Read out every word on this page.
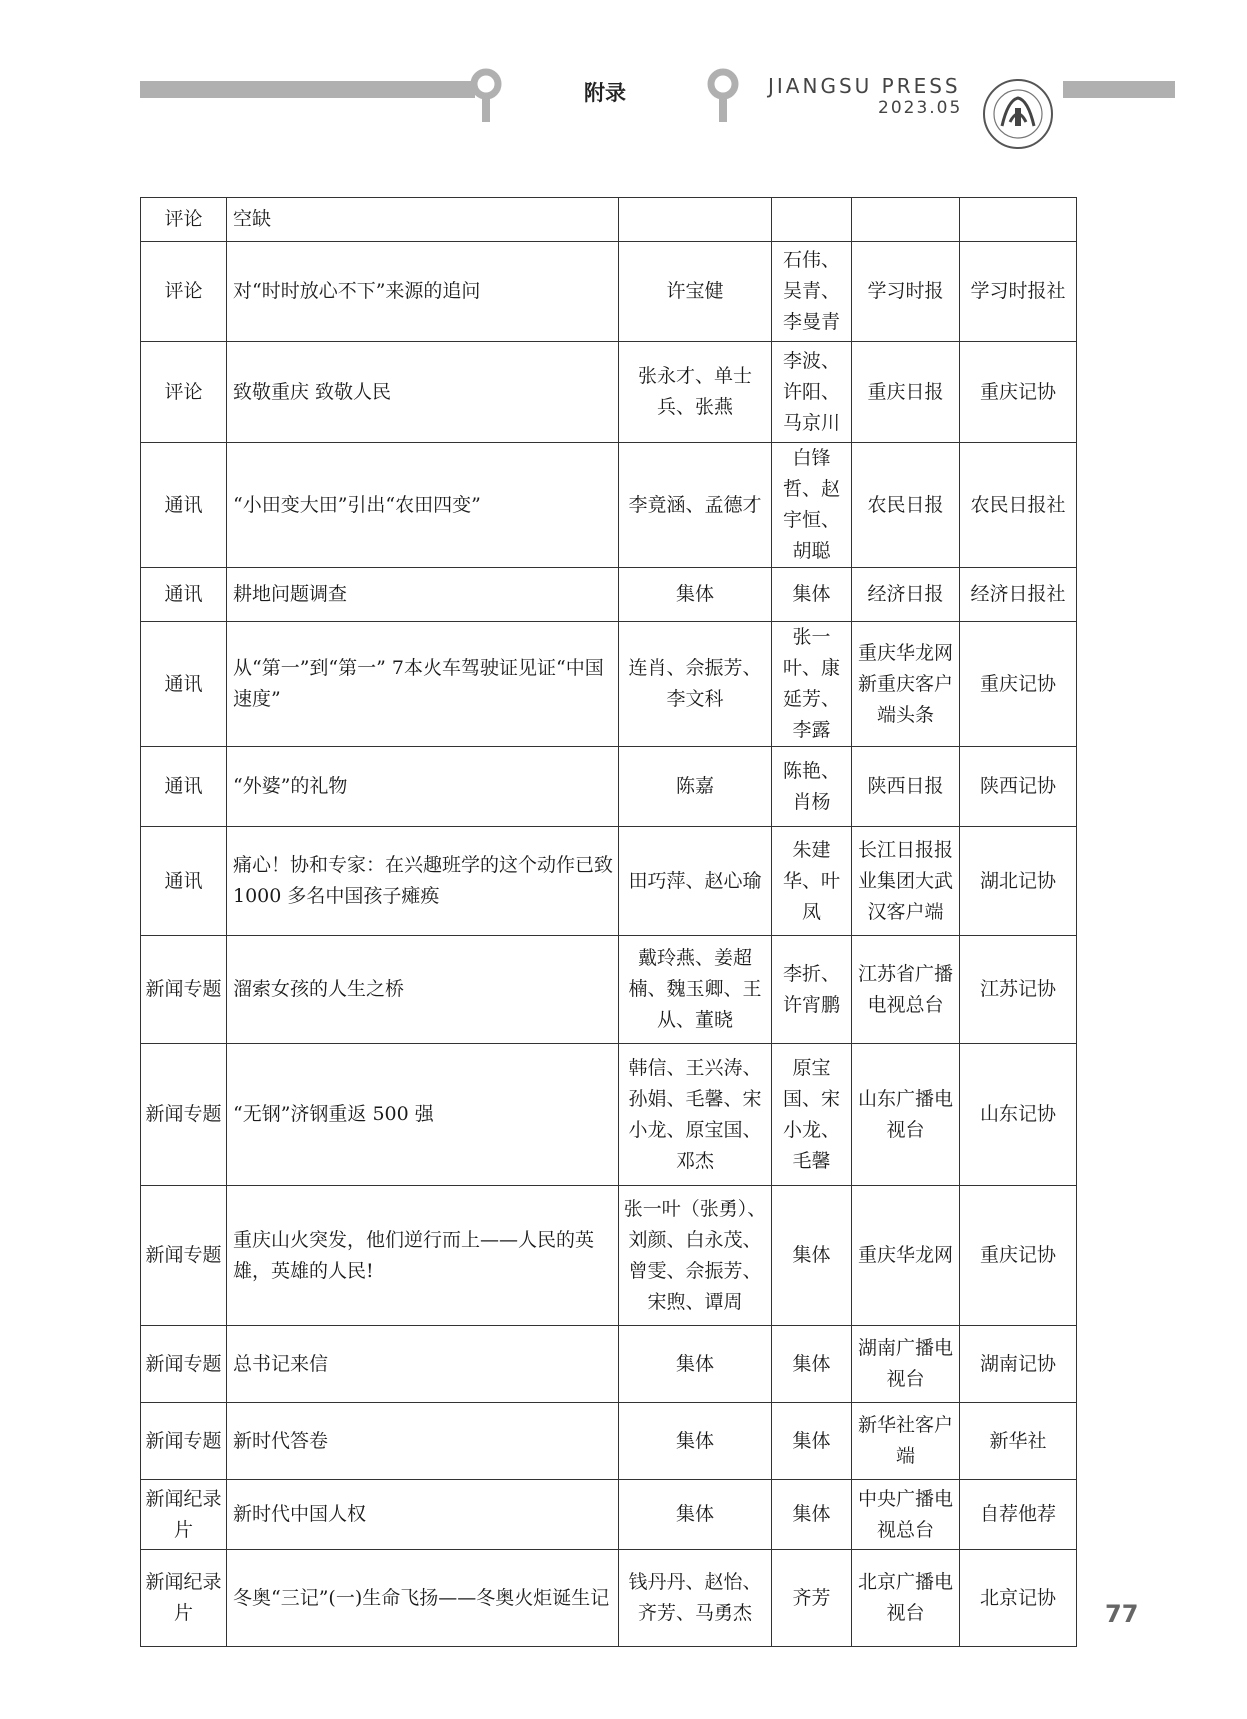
附录	JIANGSU PRESS
2023.05
评论	空缺				
评论	对“时时放心不下”来源的追问	许宝健	石伟、吴青、李曼青	学习时报	学习时报社
评论	致敬重庆 致敬人民	张永才、单士兵、张燕	李波、许阳、马京川	重庆日报	重庆记协
通讯	“小田变大田”引出“农田四变”	李竟涵、孟德才	白锋哲、赵宇恒、胡聪	农民日报	农民日报社
通讯	耕地问题调查	集体	集体	经济日报	经济日报社
通讯	从“第一”到“第一” 7本火车驾驶证见证“中国速度”	连肖、佘振芳、李文科	张一叶、康延芳、李露	重庆华龙网新重庆客户端头条	重庆记协
通讯	“外婆”的礼物	陈嘉	陈艳、肖杨	陕西日报	陕西记协
通讯	痛心！协和专家：在兴趣班学的这个动作已致 1000 多名中国孩子瘫痪	田巧萍、赵心瑜	朱建华、叶凤	长江日报报业集团大武汉客户端	湖北记协
新闻专题	溜索女孩的人生之桥	戴玲燕、姜超楠、魏玉卿、王从、董晓	李折、许宵鹏	江苏省广播电视总台	江苏记协
新闻专题	“无钢”济钢重返 500 强	韩信、王兴涛、孙娟、毛馨、宋小龙、原宝国、邓杰	原宝国、宋小龙、毛馨	山东广播电视台	山东记协
新闻专题	重庆山火突发，他们逆行而上——人民的英雄，英雄的人民!	张一叶（张勇）、刘颜、白永茂、曾雯、佘振芳、宋煦、谭周	集体	重庆华龙网	重庆记协
新闻专题	总书记来信	集体	集体	湖南广播电视台	湖南记协
新闻专题	新时代答卷	集体	集体	新华社客户端	新华社
新闻纪录片	新时代中国人权	集体	集体	中央广播电视总台	自荐他荐
新闻纪录片	冬奥“三记”(一)生命飞扬——冬奥火炬诞生记	钱丹丹、赵怡、齐芳、马勇杰	齐芳	北京广播电视台	北京记协
77
